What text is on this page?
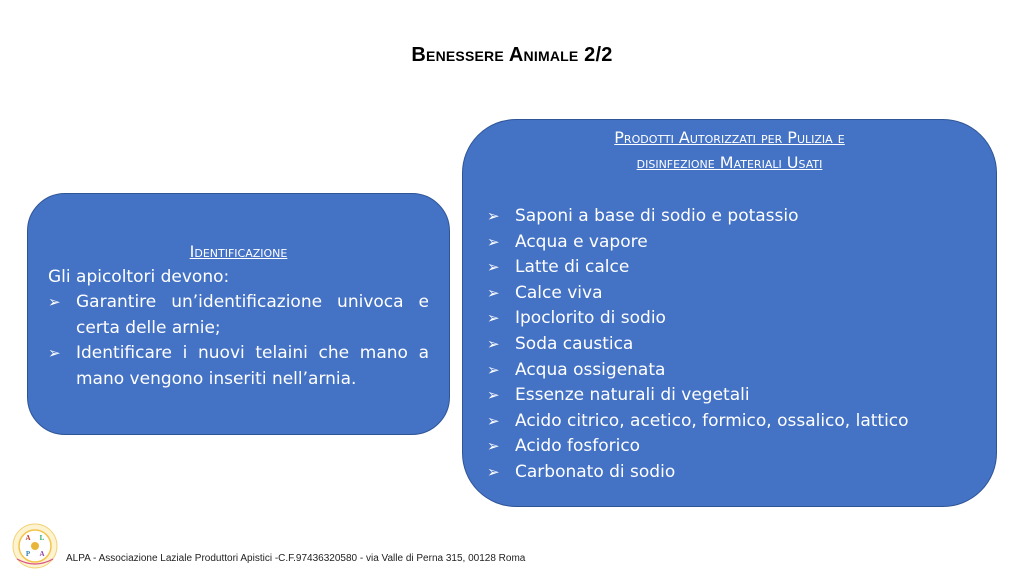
Benessere Animale 2/2
Identificazione
Gli apicoltori devono:
➢ Garantire un’identificazione univoca e certa delle arnie;
➢ Identificare i nuovi telaini che mano a mano vengono inseriti nell’arnia.
Prodotti Autorizzati per Pulizia e
disinfezione Materiali Usati
➢ Saponi a base di sodio e potassio
➢ Acqua e vapore
➢ Latte di calce
➢ Calce viva
➢ Ipoclorito di sodio
➢ Soda caustica
➢ Acqua ossigenata
➢ Essenze naturali di vegetali
➢ Acido citrico, acetico, formico, ossalico, lattico
➢ Acido fosforico
➢ Carbonato di sodio
A L
P A ALPA - Associazione Laziale Produttori Apistici -C.F.97436320580 - via Valle di Perna 315, 00128 Roma
